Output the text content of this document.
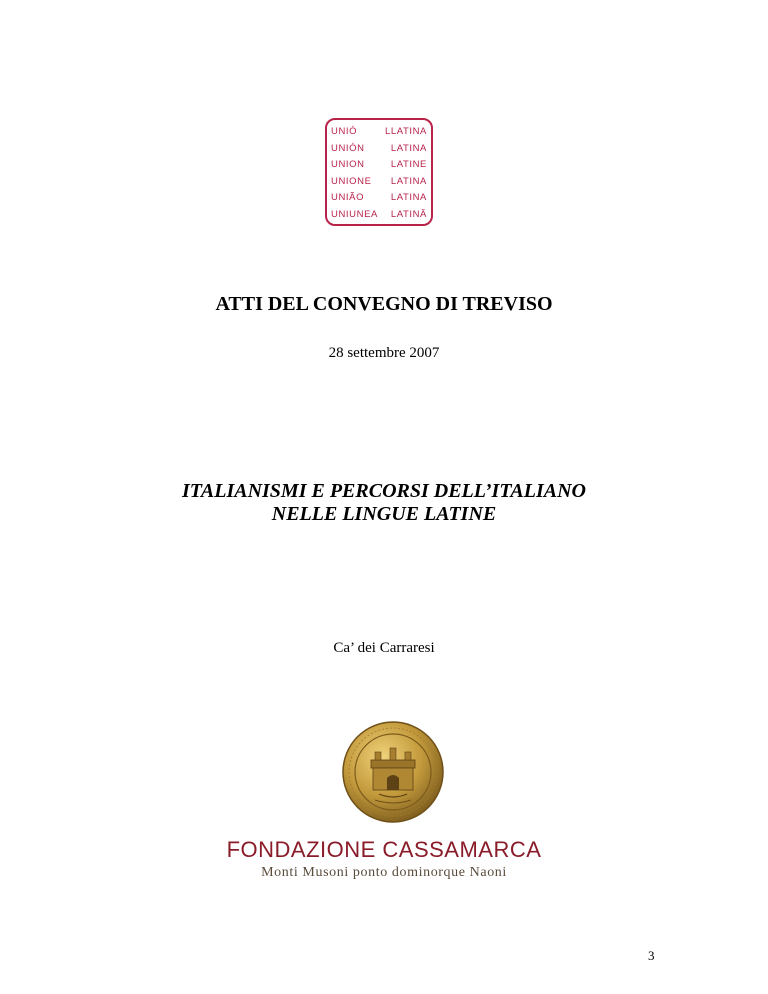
UNIÓ	LLATINA
UNIÓN	LATINA
UNION	LATINE
UNIONE LATINA
UNIÃO	LATINA
UNIUNEA LATINĂ
ATTI DEL CONVEGNO DI TREVISO
28 settembre 2007
ITALIANISMI E PERCORSI DELL’ITALIANO
NELLE LINGUE LATINE
Ca’ dei Carraresi
FONDAZIONE CASSAMARCA
Monti Musoni ponto dominorque Naoni
3
